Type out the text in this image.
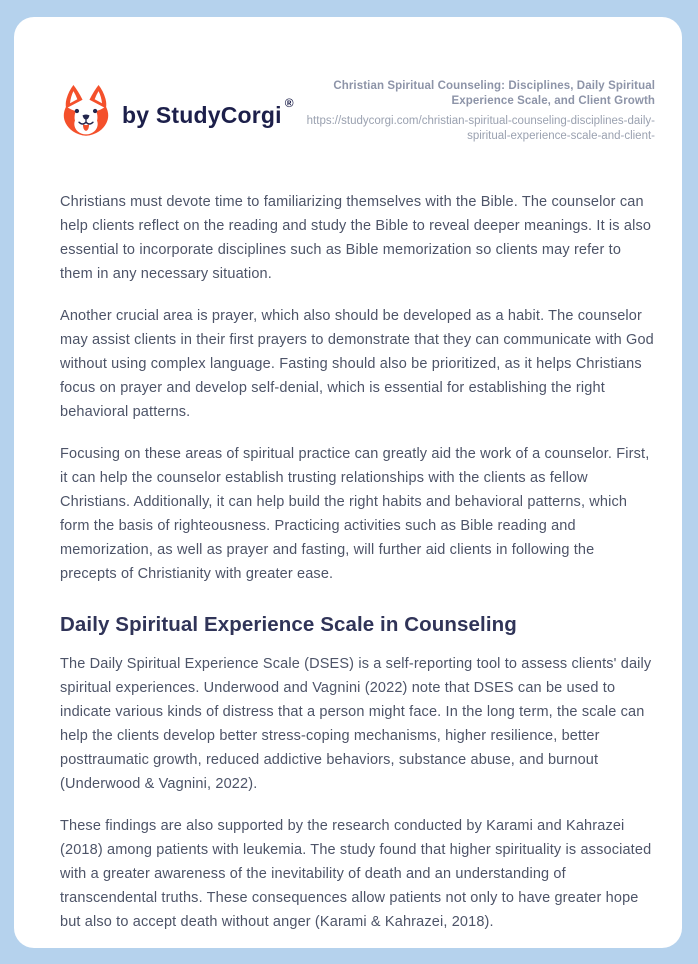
by StudyCorgi ®
Christian Spiritual Counseling: Disciplines, Daily Spiritual Experience Scale, and Client Growth
https://studycorgi.com/christian-spiritual-counseling-disciplines-daily-spiritual-experience-scale-and-client-

Christians must devote time to familiarizing themselves with the Bible. The counselor can help clients reflect on the reading and study the Bible to reveal deeper meanings. It is also essential to incorporate disciplines such as Bible memorization so clients may refer to them in any necessary situation.

Another crucial area is prayer, which also should be developed as a habit. The counselor may assist clients in their first prayers to demonstrate that they can communicate with God without using complex language. Fasting should also be prioritized, as it helps Christians focus on prayer and develop self-denial, which is essential for establishing the right behavioral patterns.

Focusing on these areas of spiritual practice can greatly aid the work of a counselor. First, it can help the counselor establish trusting relationships with the clients as fellow Christians. Additionally, it can help build the right habits and behavioral patterns, which form the basis of righteousness. Practicing activities such as Bible reading and memorization, as well as prayer and fasting, will further aid clients in following the precepts of Christianity with greater ease.

Daily Spiritual Experience Scale in Counseling

The Daily Spiritual Experience Scale (DSES) is a self-reporting tool to assess clients' daily spiritual experiences. Underwood and Vagnini (2022) note that DSES can be used to indicate various kinds of distress that a person might face. In the long term, the scale can help the clients develop better stress-coping mechanisms, higher resilience, better posttraumatic growth, reduced addictive behaviors, substance abuse, and burnout (Underwood & Vagnini, 2022).

These findings are also supported by the research conducted by Karami and Kahrazei (2018) among patients with leukemia. The study found that higher spirituality is associated with a greater awareness of the inevitability of death and an understanding of transcendental truths. These consequences allow patients not only to have greater hope but also to accept death without anger (Karami & Kahrazei, 2018).
